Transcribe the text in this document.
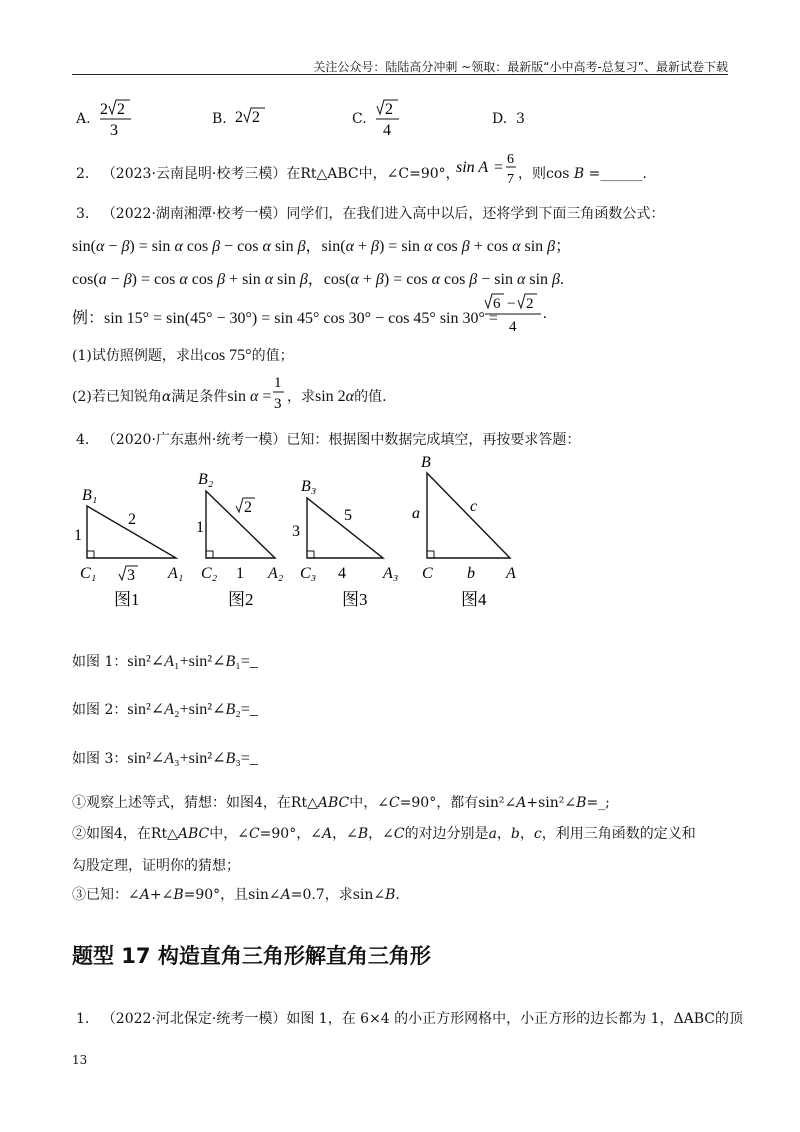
关注公众号：陆陆高分冲刺 ~领取：最新版“小中高考-总复习”、最新试卷下载
A.
2 2
3
B. 2 2	C.
2
4
D. 3
2. （2023·云南昆明·校考三模）在Rt△ABC中，∠C=90°，
sin A = 6
7 ，则cos B =______.
3. （2022·湖南湘潭·校考一模）同学们，在我们进入高中以后，还将学到下面三角函数公式：
sin(α − β) = sin α cos β − cos α sin β，sin(α + β) = sin α cos β + cos α sin β；
cos(a − β) = cos α cos β + sin α sin β，cos(α + β) = cos α cos β − sin α sin β.
例：sin 15° = sin(45° − 30°) = sin 45° cos 30° − cos 45° sin 30° =
6 − 2
4
.
(1)试仿照例题，求出cos 75°的值；
(2)若已知锐角α满足条件sin α =
1
3 ，求sin 2α的值.
4. （2020·广东惠州·统考一模）已知：根据图中数据完成填空，再按要求答题：
B₁
1
2
C₁ 3 A₁
图1
B₂
1
2
C₂ 1 A₂
图2
B₃
3
5
C₃ 4 A₃
图3
B
a	c
C b A
图4
如图 1：sin²∠A₁+sin²∠B₁=_
如图 2：sin²∠A₂+sin²∠B₂=_
如图 3：sin²∠A₃+sin²∠B₃=_
①观察上述等式，猜想：如图4，在Rt△ABC中，∠C=90°，都有sin²∠A+sin²∠B=_;
②如图4，在Rt△ABC中，∠C=90°，∠A，∠B，∠C的对边分别是a，b，c，利用三角函数的定义和
勾股定理，证明你的猜想；
③已知：∠A+∠B=90°，且sin∠A=0.7，求sin∠B.
题型 17 构造直角三角形解直角三角形
1. （2022·河北保定·统考一模）如图 1，在 6×4 的小正方形网格中，小正方形的边长都为 1，ΔABC的顶
13
